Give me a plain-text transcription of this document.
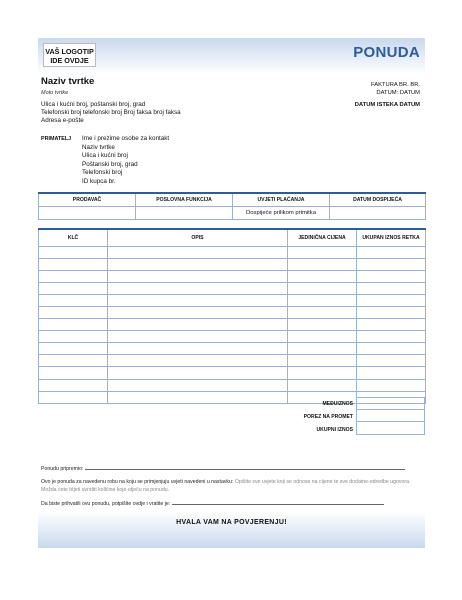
VAŠ LOGOTIP
IDE OVDJE	PONUDA
Naziv tvrtke
Moto tvrtke
FAKTURA BR. BR.
DATUM: DATUM
DATUM ISTEKA DATUM
Ulica i kućni broj, poštanski broj, grad
Telefonski broj telefonski broj Broj faksa broj faksa
Adresa e-pošte
PRIMATELJ Ime i prezime osobe za kontakt
Naziv tvrtke
Ulica i kućni broj
Poštanski broj, grad
Telefonski broj
ID kupca br.
PRODAVAČ	POSLOVNA FUNKCIJA	UVJETI PLAĆANJA	DATUM DOSPIJEĆA
		Dospijeće prilikom primitka	
KLČ	OPIS	JEDINIČNA CIJENA	UKUPAN IZNOS RETKA

MEĐUIZNOS
POREZ NA PROMET
UKUPNI IZNOS
Ponudu pripremio:
Ovo je ponuda za navedenu robu na koju se primjenjuju uvjeti navedeni u nastavku: Opišite sve uvjete koji se odnose na cijene te sve dodatne-odredbe ugovora. Možda ćete htjeti uvrstiti količine koje utječu na ponudu.
Da biste prihvatili ovu ponudu, potpišite ovdje i vratite je:
HVALA VAM NA POVJERENJU!
